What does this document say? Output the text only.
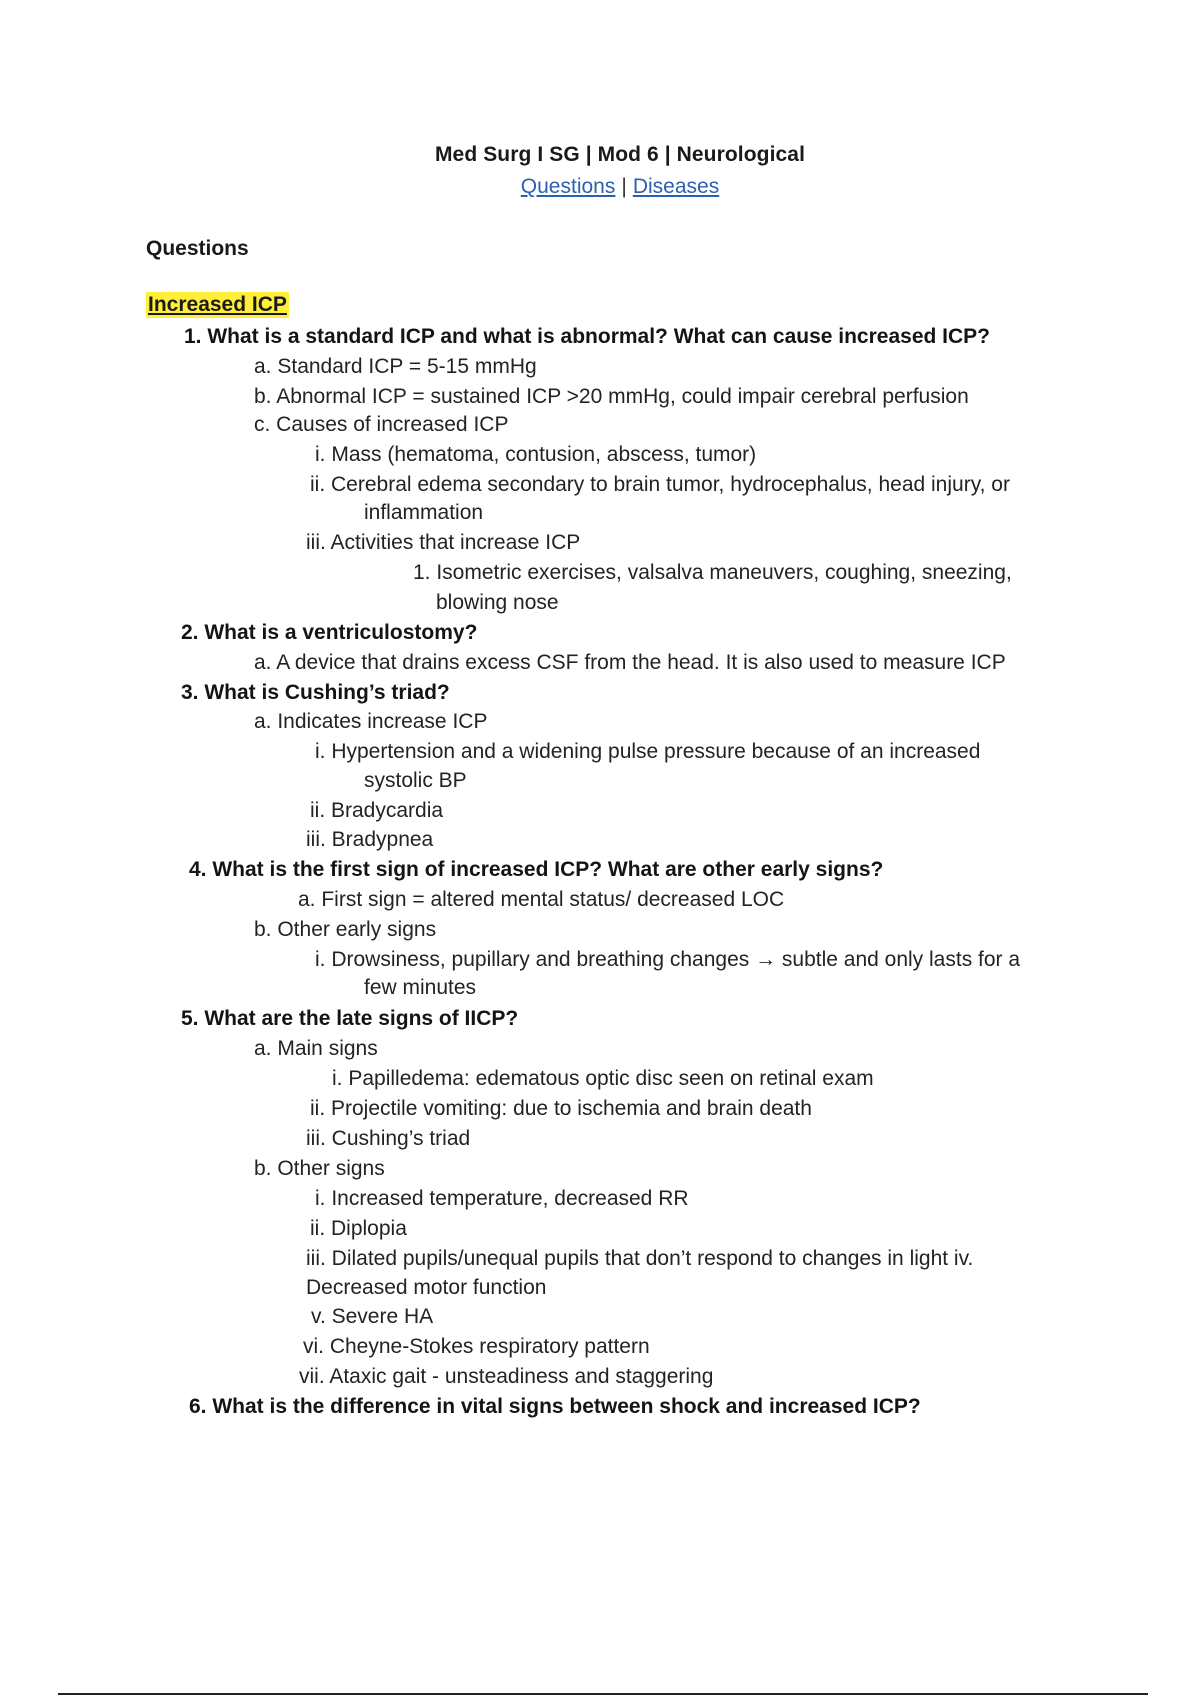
Med Surg I SG | Mod 6 | Neurological
Questions | Diseases
Questions
Increased ICP
1. What is a standard ICP and what is abnormal? What can cause increased ICP?
a. Standard ICP = 5-15 mmHg
b. Abnormal ICP = sustained ICP >20 mmHg, could impair cerebral perfusion
c. Causes of increased ICP
i. Mass (hematoma, contusion, abscess, tumor)
ii. Cerebral edema secondary to brain tumor, hydrocephalus, head injury, or
inflammation
iii. Activities that increase ICP
1. Isometric exercises, valsalva maneuvers, coughing, sneezing,
blowing nose
2. What is a ventriculostomy?
a. A device that drains excess CSF from the head. It is also used to measure ICP
3. What is Cushing’s triad?
a. Indicates increase ICP
i. Hypertension and a widening pulse pressure because of an increased
systolic BP
ii. Bradycardia
iii. Bradypnea
4. What is the first sign of increased ICP? What are other early signs?
a. First sign = altered mental status/ decreased LOC
b. Other early signs
i. Drowsiness, pupillary and breathing changes → subtle and only lasts for a
few minutes
5. What are the late signs of IICP?
a. Main signs
i. Papilledema: edematous optic disc seen on retinal exam
ii. Projectile vomiting: due to ischemia and brain death
iii. Cushing’s triad
b. Other signs
i. Increased temperature, decreased RR
ii. Diplopia
iii. Dilated pupils/unequal pupils that don’t respond to changes in light iv.
Decreased motor function
v. Severe HA
vi. Cheyne-Stokes respiratory pattern
vii. Ataxic gait - unsteadiness and staggering
6. What is the difference in vital signs between shock and increased ICP?
